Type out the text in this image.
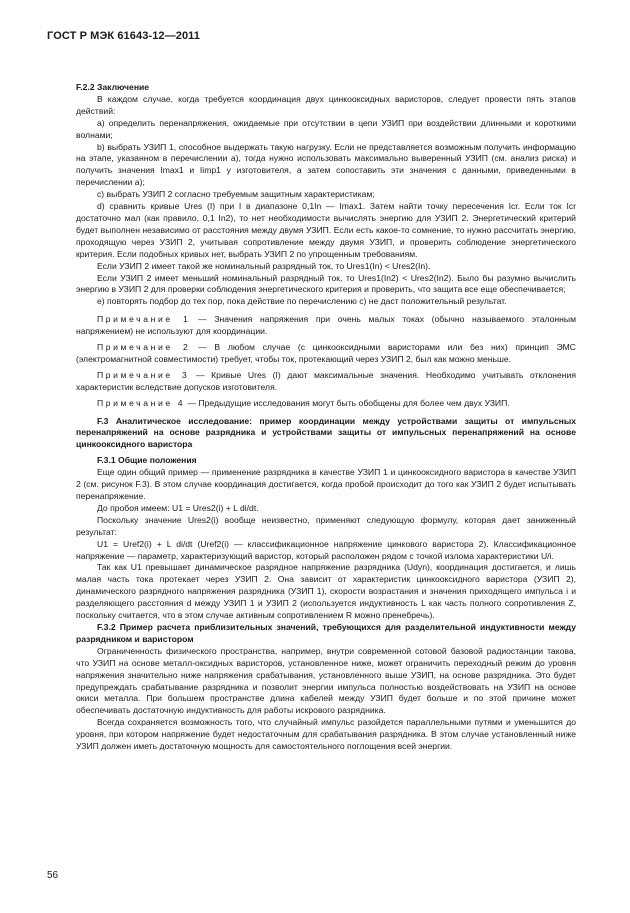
ГОСТ Р МЭК 61643-12—2011

F.2.2 Заключение

В каждом случае, когда требуется координация двух цинкооксидных варисторов, следует провести пять этапов действий:

а) определить перенапряжения, ожидаемые при отсутствии в цепи УЗИП при воздействии длинными и короткими волнами;

b) выбрать УЗИП 1, способное выдержать такую нагрузку. Если не представляется возможным получить информацию на этапе, указанном в перечислении а), тогда нужно использовать максимально выверенный УЗИП (см. анализ риска) и получить значения Imax1 и Iimp1 у изготовителя, а затем сопоставить эти значения с данными, приведенными в перечислении а);

с) выбрать УЗИП 2 согласно требуемым защитным характеристикам;

d) сравнить кривые Ures (I) при I в диапазоне 0,1In — Imax1. Затем найти точку пересечения Icr. Если ток Icr достаточно мал (как правило, 0,1 In2), то нет необходимости вычислять энергию для УЗИП 2. Энергетический критерий будет выполнен независимо от расстояния между двумя УЗИП. Если есть какое-то сомнение, то нужно рассчитать энергию, проходящую через УЗИП 2, учитывая сопротивление между двумя УЗИП, и проверить соблюдение энергетического критерия. Если подобных кривых нет, выбрать УЗИП 2 по упрощенным требованиям.

Если УЗИП 2 имеет такой же номинальный разрядный ток, то Ures1(In) < Ures2(In).

Если УЗИП 2 имеет меньший номинальный разрядный ток, то Ures1(In2) < Ures2(In2). Было бы разумно вычислить энергию в УЗИП 2 для проверки соблюдения энергетического критерия и проверить, что защита все еще обеспечивается;

е) повторять подбор до тех пор, пока действие по перечислению с) не даст положительный результат.

Примечание 1 — Значения напряжения при очень малых токах (обычно называемого эталонным напряжением) не используют для координации.

Примечание 2 — В любом случае (с цинкооксидными варисторами или без них) принцип ЭМС (электромагнитной совместимости) требует, чтобы ток, протекающий через УЗИП 2, был как можно меньше.

Примечание 3 — Кривые Ures (I) дают максимальные значения. Необходимо учитывать отклонения характеристик вследствие допусков изготовителя.

Примечание 4 — Предыдущие исследования могут быть обобщены для более чем двух УЗИП.

F.3 Аналитическое исследование: пример координации между устройствами защиты от импульсных перенапряжений на основе разрядника и устройствами защиты от импульсных перенапряжений на основе цинкооксидного варистора

F.3.1 Общие положения

Еще один общий пример — применение разрядника в качестве УЗИП 1 и цинкооксидного варистора в качестве УЗИП 2 (см. рисунок F.3). В этом случае координация достигается, когда пробой происходит до того как УЗИП 2 будет испытывать перенапряжение.

До пробоя имеем: U1 = Ures2(i) + L di/dt.

Поскольку значение Ures2(i) вообще неизвестно, применяют следующую формулу, которая дает заниженный результат:

U1 = Uref2(i) + L di/dt (Uref2(i) — классификационное напряжение цинкового варистора 2). Классификационное напряжение — параметр, характеризующий варистор, который расположен рядом с точкой излома характеристики U/i.

Так как U1 превышает динамическое разрядное напряжение разрядника (Udyn), координация достигается, и лишь малая часть тока протекает через УЗИП 2. Она зависит от характеристик цинкооксидного варистора (УЗИП 2), динамического разрядного напряжения разрядника (УЗИП 1), скорости возрастания и значения приходящего импульса i и разделяющего расстояния d между УЗИП 1 и УЗИП 2 (используется индуктивность L как часть полного сопротивления Z, поскольку считается, что в этом случае активным сопротивлением R можно пренебречь).

F.3.2 Пример расчета приблизительных значений, требующихся для разделительной индуктивности между разрядником и варистором

Ограниченность физического пространства, например, внутри современной сотовой базовой радиостанции такова, что УЗИП на основе металл-оксидных варисторов, установленное ниже, может ограничить переходный режим до уровня напряжения значительно ниже напряжения срабатывания, установленного выше УЗИП, на основе разрядника. Это будет предупреждать срабатывание разрядника и позволит энергии импульса полностью воздействовать на УЗИП на основе окиси металла. При большем пространстве длина кабелей между УЗИП будет больше и по этой причине может обеспечивать достаточную индуктивность для работы искрового разрядника.

Всегда сохраняется возможность того, что случайный импульс разойдется параллельными путями и уменьшится до уровня, при котором напряжение будет недостаточным для срабатывания разрядника. В этом случае установленный ниже УЗИП должен иметь достаточную мощность для самостоятельного поглощения всей энергии.

56
